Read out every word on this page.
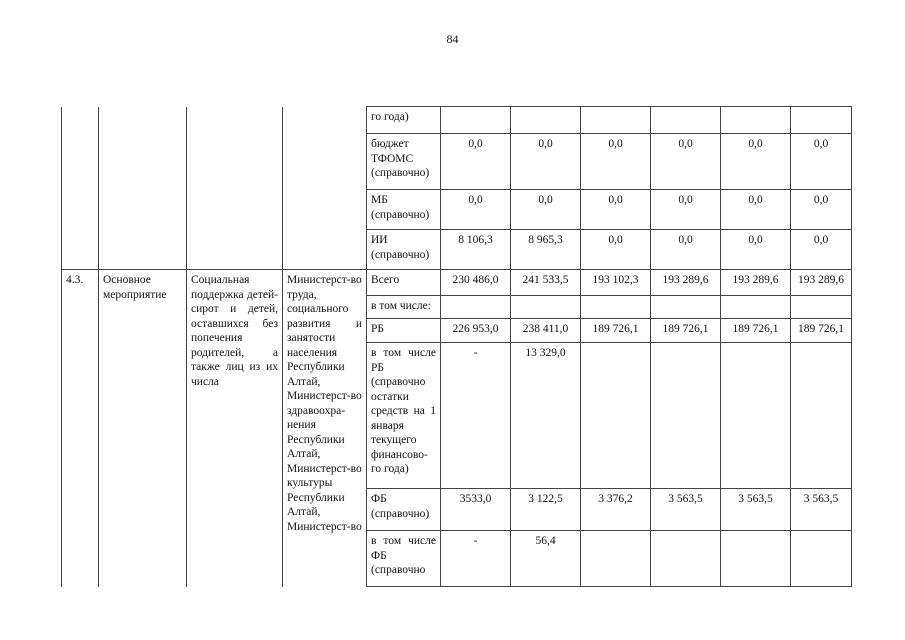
84
				го года)						
				бюджет ТФОМС (справочно)	0,0	0,0	0,0	0,0	0,0	0,0
				МБ (справочно)	0,0	0,0	0,0	0,0	0,0	0,0
				ИИ (справочно)	8 106,3	8 965,3	0,0	0,0	0,0	0,0
4.3.	Основное мероприятие	Социальная поддержка детей-сирот и детей, оставшихся без попечения родителей, а также лиц из их числа	Министерст-во труда, социального развития и занятости населения Республики Алтай, Министерст-во здравоохра-нения Республики Алтай, Министерст-во культуры Республики Алтай, Министерст-во	Всего	230 486,0	241 533,5	193 102,3	193 289,6	193 289,6	193 289,6
				в том числе:						
				РБ	226 953,0	238 411,0	189 726,1	189 726,1	189 726,1	189 726,1
				в том числе РБ (справочно остатки средств на 1 января текущего финансово-го года)	-	13 329,0				
				ФБ (справочно)	3533,0	3 122,5	3 376,2	3 563,5	3 563,5	3 563,5
				в том числе ФБ (справочно	-	56,4				
